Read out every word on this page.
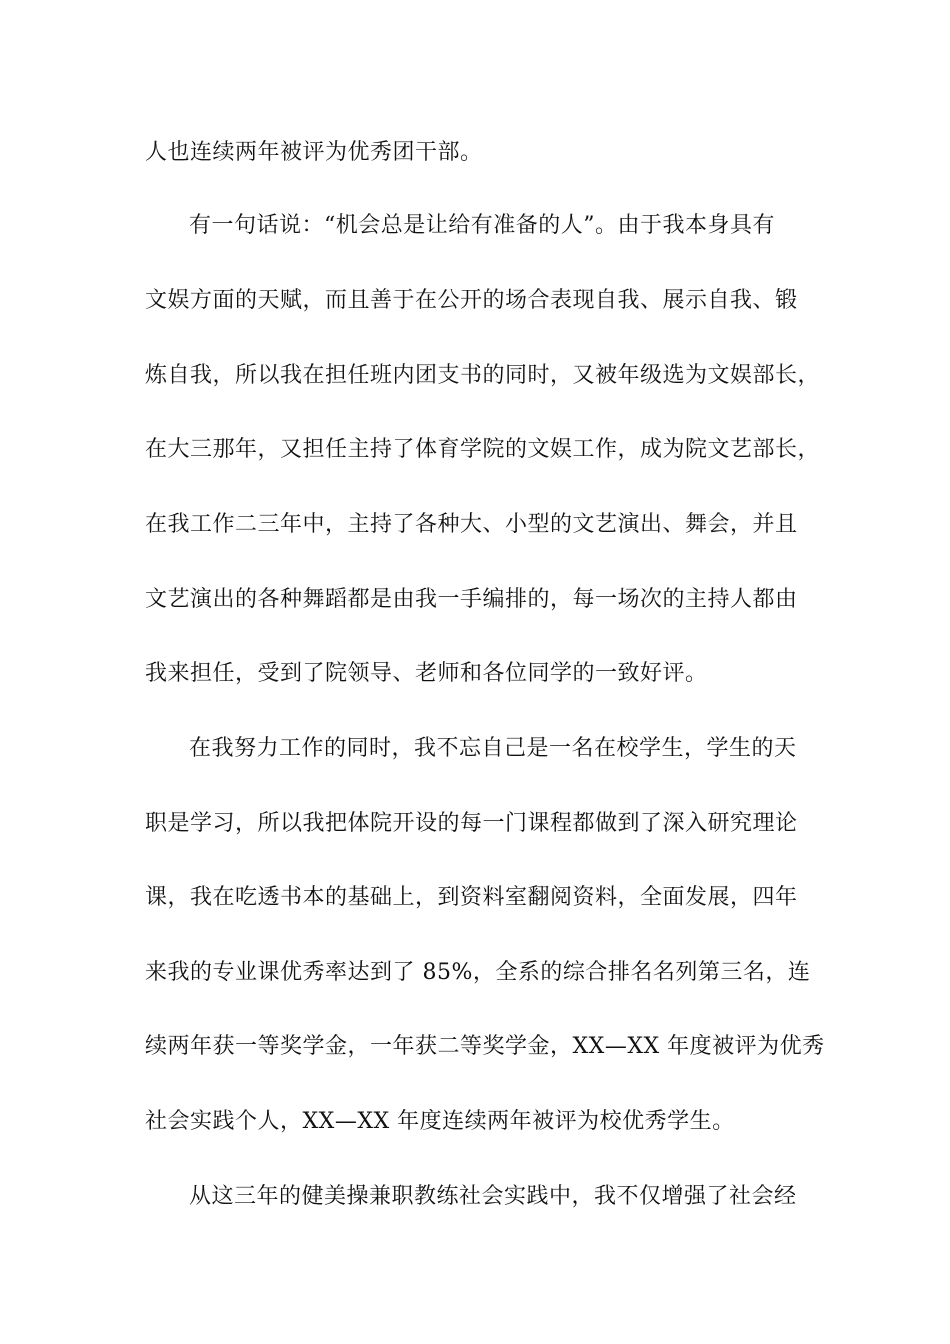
人也连续两年被评为优秀团干部。
有一句话说：“机会总是让给有准备的人”。由于我本身具有
文娱方面的天赋，而且善于在公开的场合表现自我、展示自我、锻
炼自我，所以我在担任班内团支书的同时，又被年级选为文娱部长，
在大三那年，又担任主持了体育学院的文娱工作，成为院文艺部长，
在我工作二三年中，主持了各种大、小型的文艺演出、舞会，并且
文艺演出的各种舞蹈都是由我一手编排的，每一场次的主持人都由
我来担任，受到了院领导、老师和各位同学的一致好评。
在我努力工作的同时，我不忘自己是一名在校学生，学生的天
职是学习，所以我把体院开设的每一门课程都做到了深入研究理论
课，我在吃透书本的基础上，到资料室翻阅资料，全面发展，四年
来我的专业课优秀率达到了 85%，全系的综合排名名列第三名，连
续两年获一等奖学金，一年获二等奖学金，XX—XX 年度被评为优秀
社会实践个人，XX—XX 年度连续两年被评为校优秀学生。
从这三年的健美操兼职教练社会实践中，我不仅增强了社会经
